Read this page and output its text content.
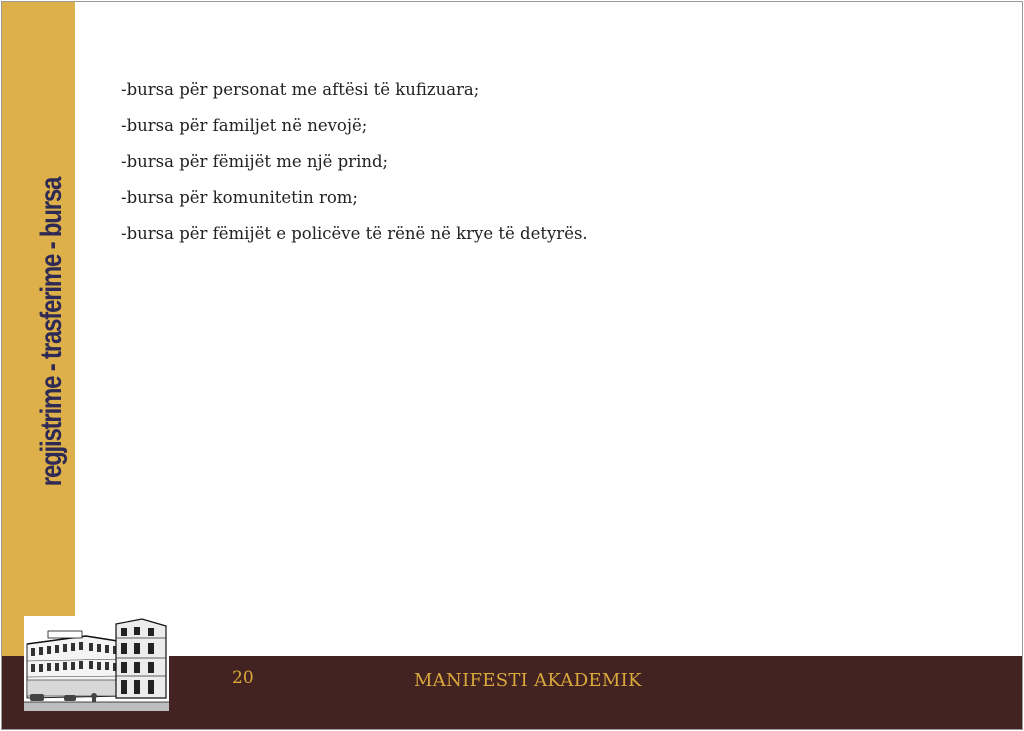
regjistrime - trasferime - bursa
-bursa për personat me aftësi të kufizuara;
-bursa për familjet në nevojë;
-bursa për fëmijët me një prind;
-bursa për komunitetin rom;
-bursa për fëmijët e policëve të rënë në krye të detyrës.
20	MANIFESTI AKADEMIK
